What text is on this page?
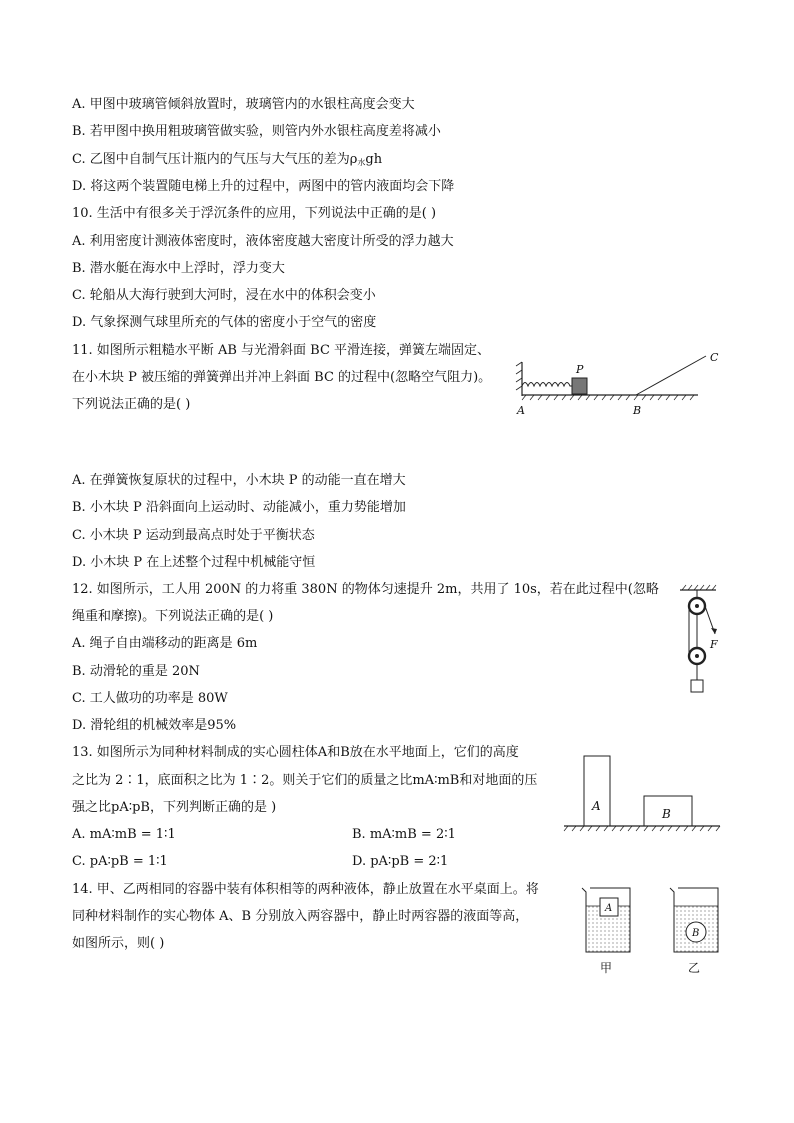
A. 甲图中玻璃管倾斜放置时，玻璃管内的水银柱高度会变大
B. 若甲图中换用粗玻璃管做实验，则管内外水银柱高度差将减小
C. 乙图中自制气压计瓶内的气压与大气压的差为$\rho_水gh$
D. 将这两个装置随电梯上升的过程中，两图中的管内液面均会下降
10. 生活中有很多关于浮沉条件的应用，下列说法中正确的是( )
A. 利用密度计测液体密度时，液体密度越大密度计所受的浮力越大
B. 潜水艇在海水中上浮时，浮力变大
C. 轮船从大海行驶到大河时，浸在水中的体积会变小
D. 气象探测气球里所充的气体的密度小于空气的密度
11. 如图所示粗糙水平断 AB 与光滑斜面 BC 平滑连接，弹簧左端固定、
在小木块 P 被压缩的弹簧弹出并冲上斜面 BC 的过程中(忽略空气阻力)。
下列说法正确的是( )
P
A	B
C
A. 在弹簧恢复原状的过程中，小木块 P 的动能一直在增大
B. 小木块 P 沿斜面向上运动时、动能减小，重力势能增加
C. 小木块 P 运动到最高点时处于平衡状态
D. 小木块 P 在上述整个过程中机械能守恒
12. 如图所示，工人用 200N 的力将重 380N 的物体匀速提升 2m，共用了 10s，若在此过程中(忽略
绳重和摩擦)。下列说法正确的是( )
A. 绳子自由端移动的距离是 6m
B. 动滑轮的重是 20N
C. 工人做功的功率是 80W
D. 滑轮组的机械效率是95%
F
13. 如图所示为同种材料制成的实心圆柱体A和B放在水平地面上，它们的高度
之比为 2∶1，底面积之比为 1∶2。则关于它们的质量之比mA∶mB和对地面的压
强之比pA∶pB，下列判断正确的是 )
A. mA∶mB = 1∶1	B. mA∶mB = 2∶1
C. pA∶pB = 1∶1	D. pA∶pB = 2∶1
A
B
14. 甲、乙两相同的容器中装有体积相等的两种液体，静止放置在水平桌面上。将
同种材料制作的实心物体 A、B 分别放入两容器中，静止时两容器的液面等高，
如图所示，则( )
A
甲
B
乙
